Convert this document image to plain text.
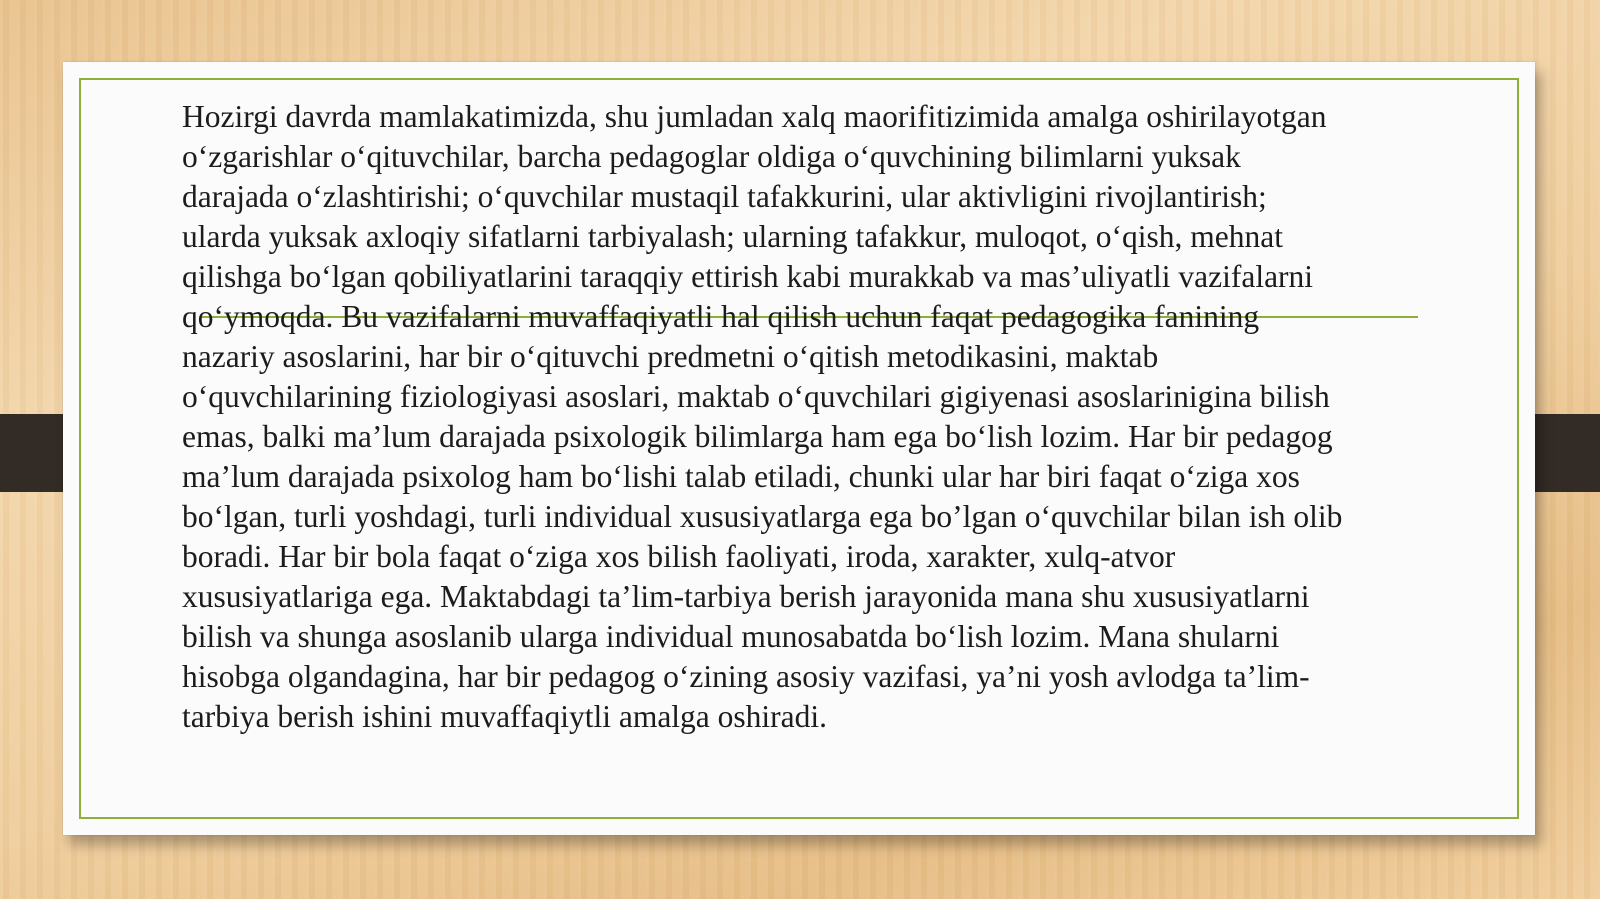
Hozirgi davrda mamlakatimizda, shu jumladan xalq maorifitizimida amalga oshirilayotgan
o‘zgarishlar o‘qituvchilar, barcha pedagoglar oldiga o‘quvchining bilimlarni yuksak
darajada o‘zlashtirishi; o‘quvchilar mustaqil tafakkurini, ular aktivligini rivojlantirish;
ularda yuksak axloqiy sifatlarni tarbiyalash; ularning tafakkur, muloqot, o‘qish, mehnat
qilishga bo‘lgan qobiliyatlarini taraqqiy ettirish kabi murakkab va mas’uliyatli vazifalarni
qo‘ymoqda. Bu vazifalarni muvaffaqiyatli hal qilish uchun faqat pedagogika fanining
nazariy asoslarini, har bir o‘qituvchi predmetni o‘qitish metodikasini, maktab
o‘quvchilarining fiziologiyasi asoslari, maktab o‘quvchilari gigiyenasi asoslarinigina bilish
emas, balki ma’lum darajada psixologik bilimlarga ham ega bo‘lish lozim. Har bir pedagog
ma’lum darajada psixolog ham bo‘lishi talab etiladi, chunki ular har biri faqat o‘ziga xos
bo‘lgan, turli yoshdagi, turli individual xususiyatlarga ega bo’lgan o‘quvchilar bilan ish olib
boradi. Har bir bola faqat o‘ziga xos bilish faoliyati, iroda, xarakter, xulq-atvor
xususiyatlariga ega. Maktabdagi ta’lim-tarbiya berish jarayonida mana shu xususiyatlarni
bilish va shunga asoslanib ularga individual munosabatda bo‘lish lozim. Mana shularni
hisobga olgandagina, har bir pedagog o‘zining asosiy vazifasi, ya’ni yosh avlodga ta’lim-
tarbiya berish ishini muvaffaqiytli amalga oshiradi.
